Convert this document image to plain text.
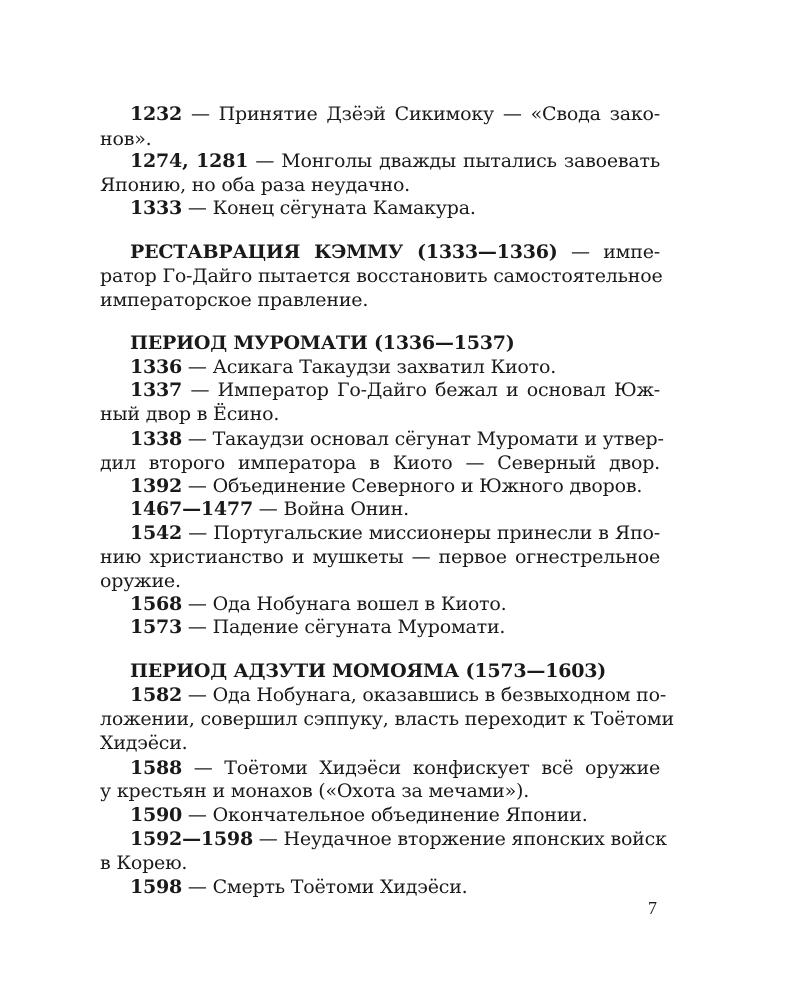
1232 — Принятие Дзёэй Сикимоку — «Свода зако-
нов».
1274, 1281 — Монголы дважды пытались завоевать
Японию, но оба раза неудачно.
1333 — Конец сёгуната Камакура.
РЕСТАВРАЦИЯ КЭММУ (1333—1336) — импе-
ратор Го-Дайго пытается восстановить самостоятельное
императорское правление.
ПЕРИОД МУРОМАТИ (1336—1537)
1336 — Асикага Такаудзи захватил Киото.
1337 — Император Го-Дайго бежал и основал Юж-
ный двор в Ёсино.
1338 — Такаудзи основал сёгунат Муромати и утвер-
дил второго императора в Киото — Северный двор.
1392 — Объединение Северного и Южного дворов.
1467—1477 — Война Онин.
1542 — Португальские миссионеры принесли в Япо-
нию христианство и мушкеты — первое огнестрельное
оружие.
1568 — Ода Нобунага вошел в Киото.
1573 — Падение сёгуната Муромати.
ПЕРИОД АДЗУТИ МОМОЯМА (1573—1603)
1582 — Ода Нобунага, оказавшись в безвыходном по-
ложении, совершил сэппуку, власть переходит к Тоётоми
Хидэёси.
1588 — Тоётоми Хидэёси конфискует всё оружие
у крестьян и монахов («Охота за мечами»).
1590 — Окончательное объединение Японии.
1592—1598 — Неудачное вторжение японских войск
в Корею.
1598 — Смерть Тоётоми Хидэёси.
7
